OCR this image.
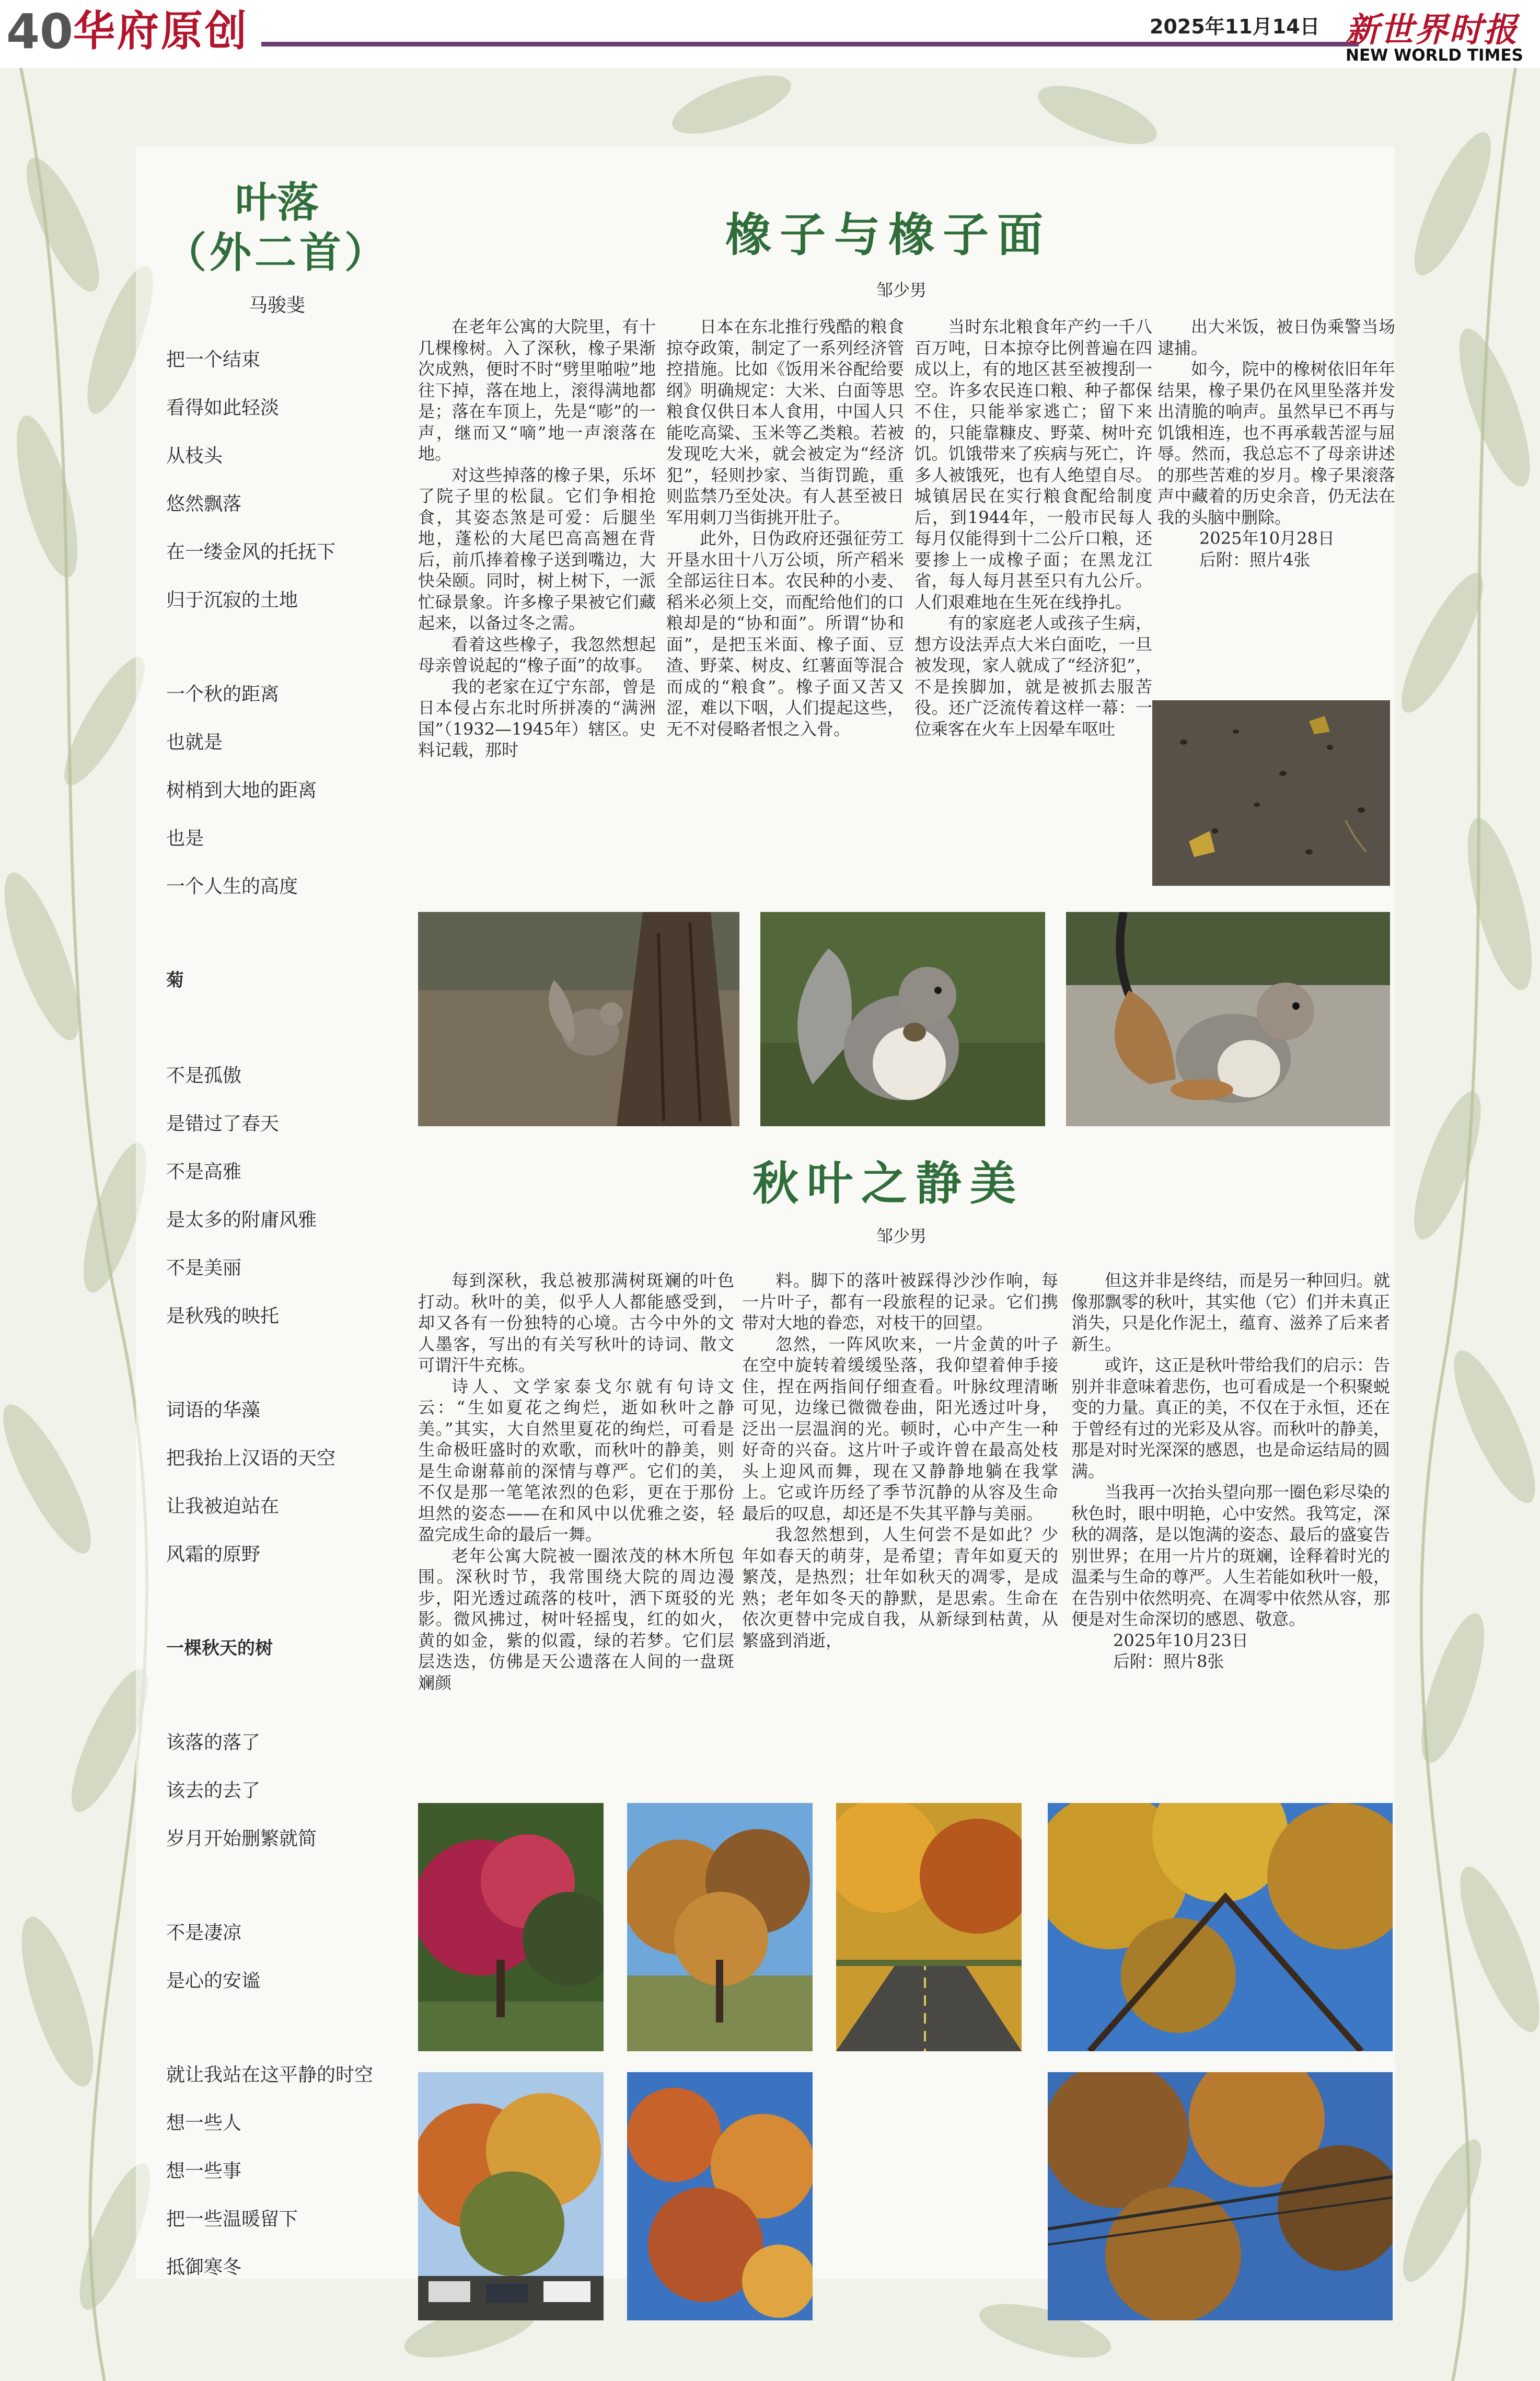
40 华府原创	2025年11月14日 新世界时报
NEW WORLD TIMES
叶落
（外二首）
马骏斐
把一个结束
看得如此轻淡
从枝头
悠然飘落
在一缕金风的托抚下
归于沉寂的土地
一个秋的距离
也就是
树梢到大地的距离
也是
一个人生的高度
菊
不是孤傲
是错过了春天
不是高雅
是太多的附庸风雅
不是美丽
是秋残的映托
词语的华藻
把我抬上汉语的天空
让我被迫站在
风霜的原野
一棵秋天的树
该落的落了
该去的去了
岁月开始删繁就简
不是凄凉
是心的安谧
就让我站在这平静的时空
想一些人
想一些事
把一些温暖留下
抵御寒冬
橡子与橡子面
邹少男

在老年公寓的大院里，有十几棵橡树。入了深秋，橡子果渐次成熟，便时不时“劈里啪啦”地往下掉，落在地上，滚得满地都是；落在车顶上，先是“嘭”的一声，继而又“嘀”地一声滚落在地。

对这些掉落的橡子果，乐坏了院子里的松鼠。它们争相抢食，其姿态煞是可爱：后腿坐地，蓬松的大尾巴高高翘在背后，前爪捧着橡子送到嘴边，大快朵颐。同时，树上树下，一派忙碌景象。许多橡子果被它们藏起来，以备过冬之需。

看着这些橡子，我忽然想起母亲曾说起的“橡子面”的故事。

我的老家在辽宁东部，曾是日本侵占东北时所拼凑的“满洲国”（1932—1945年）辖区。史料记载，那时

日本在东北推行残酷的粮食掠夺政策，制定了一系列经济管控措施。比如《饭用米谷配给要纲》明确规定：大米、白面等思粮食仅供日本人食用，中国人只能吃高粱、玉米等乙类粮。若被发现吃大米，就会被定为“经济犯”，轻则抄家、当街罚跪，重则监禁乃至处决。有人甚至被日军用刺刀当街挑开肚子。

此外，日伪政府还强征劳工开垦水田十八万公顷，所产稻米全部运往日本。农民种的小麦、稻米必须上交，而配给他们的口粮却是的“协和面”。所谓“协和面”，是把玉米面、橡子面、豆渣、野菜、树皮、红薯面等混合而成的“粮食”。橡子面又苦又涩，难以下咽，人们提起这些，无不对侵略者恨之入骨。

当时东北粮食年产约一千八百万吨，日本掠夺比例普遍在四成以上，有的地区甚至被搜刮一空。许多农民连口粮、种子都保不住，只能举家逃亡；留下来的，只能靠糠皮、野菜、树叶充饥。饥饿带来了疾病与死亡，许多人被饿死，也有人绝望自尽。城镇居民在实行粮食配给制度后，到1944年，一般市民每人每月仅能得到十二公斤口粮，还要掺上一成橡子面；在黑龙江省，每人每月甚至只有九公斤。人们艰难地在生死在线挣扎。

有的家庭老人或孩子生病，想方设法弄点大米白面吃，一旦被发现，家人就成了“经济犯”，不是挨脚加，就是被抓去服苦役。还广泛流传着这样一幕：一位乘客在火车上因晕车呕吐

出大米饭，被日伪乘警当场逮捕。

如今，院中的橡树依旧年年结果，橡子果仍在风里坠落并发出清脆的响声。虽然早已不再与饥饿相连，也不再承载苦涩与屈辱。然而，我总忘不了母亲讲述的那些苦难的岁月。橡子果滚落声中藏着的历史余音，仍无法在我的头脑中删除。

2025年10月28日

后附：照片4张

秋叶之静美
邹少男

每到深秋，我总被那满树斑斓的叶色打动。秋叶的美，似乎人人都能感受到，却又各有一份独特的心境。古今中外的文人墨客，写出的有关写秋叶的诗词、散文可谓汗牛充栋。

诗人、文学家泰戈尔就有句诗文云：“生如夏花之绚烂，逝如秋叶之静美。”其实，大自然里夏花的绚烂，可看是生命极旺盛时的欢歌，而秋叶的静美，则是生命谢幕前的深情与尊严。它们的美，不仅是那一笔笔浓烈的色彩，更在于那份坦然的姿态——在和风中以优雅之姿，轻盈完成生命的最后一舞。

老年公寓大院被一圈浓茂的林木所包围。深秋时节，我常围绕大院的周边漫步，阳光透过疏落的枝叶，洒下斑驳的光影。微风拂过，树叶轻摇曳，红的如火，黄的如金，紫的似霞，绿的若梦。它们层层迭迭，仿佛是天公遗落在人间的一盘斑斓颜

料。脚下的落叶被踩得沙沙作响，每一片叶子，都有一段旅程的记录。它们携带对大地的眷恋，对枝干的回望。

忽然，一阵风吹来，一片金黄的叶子在空中旋转着缓缓坠落，我仰望着伸手接住，捏在两指间仔细查看。叶脉纹理清晰可见，边缘已微微卷曲，阳光透过叶身，泛出一层温润的光。顿时，心中产生一种好奇的兴奋。这片叶子或许曾在最高处枝头上迎风而舞，现在又静静地躺在我掌上。它或许历经了季节沉静的从容及生命最后的叹息，却还是不失其平静与美丽。

我忽然想到，人生何尝不是如此？少年如春天的萌芽，是希望；青年如夏天的繁茂，是热烈；壮年如秋天的凋零，是成熟；老年如冬天的静默，是思索。生命在依次更替中完成自我，从新绿到枯黄，从繁盛到消逝，

但这并非是终结，而是另一种回归。就像那飘零的秋叶，其实他（它）们并未真正消失，只是化作泥土，蕴育、滋养了后来者新生。

或许，这正是秋叶带给我们的启示：告别并非意味着悲伤，也可看成是一个积聚蜕变的力量。真正的美，不仅在于永恒，还在于曾经有过的光彩及从容。而秋叶的静美，那是对时光深深的感恩，也是命运结局的圆满。

当我再一次抬头望向那一圈色彩尽染的秋色时，眼中明艳，心中安然。我笃定，深秋的凋落，是以饱满的姿态、最后的盛宴告别世界；在用一片片的斑斓，诠释着时光的温柔与生命的尊严。人生若能如秋叶一般，在告别中依然明亮、在凋零中依然从容，那便是对生命深切的感恩、敬意。

2025年10月23日

后附：照片8张
